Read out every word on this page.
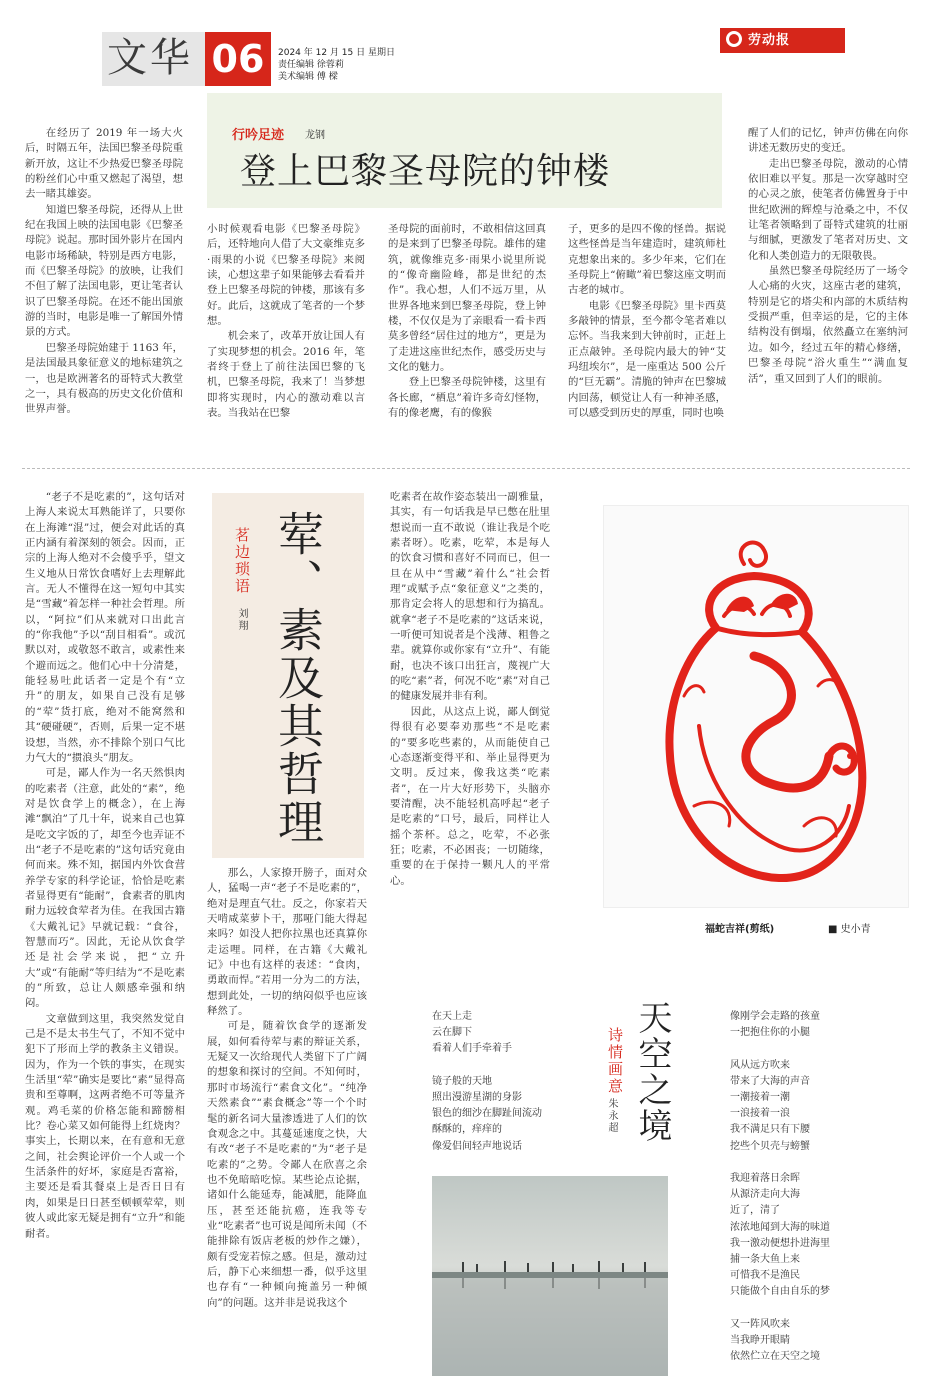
文华 06	2024 年 12 月 15 日 星期日
责任编辑 徐蓉莉
美术编辑 傅 樑
劳动报
行吟足迹 龙钢
登上巴黎圣母院的钟楼

在经历了 2019 年一场大火后，时隔五年，法国巴黎圣母院重新开放，这让不少热爱巴黎圣母院的粉丝们心中重又燃起了渴望，想去一睹其雄姿。

知道巴黎圣母院，还得从上世纪在我国上映的法国电影《巴黎圣母院》说起。那时国外影片在国内电影市场稀缺，特别是西方电影，而《巴黎圣母院》的放映，让我们不但了解了法国电影，更让笔者认识了巴黎圣母院。在还不能出国旅游的当时，电影是唯一了解国外情景的方式。

巴黎圣母院始建于 1163 年，是法国最具象征意义的地标建筑之一，也是欧洲著名的哥特式大教堂之一，具有极高的历史文化价值和世界声誉。

小时候观看电影《巴黎圣母院》后，还特地向人借了大文豪维克多·雨果的小说《巴黎圣母院》来阅读，心想这辈子如果能够去看看并登上巴黎圣母院的钟楼，那该有多好。此后，这就成了笔者的一个梦想。

机会来了，改革开放让国人有了实现梦想的机会。2016 年，笔者终于登上了前往法国巴黎的飞机，巴黎圣母院，我来了！当梦想即将实现时，内心的激动难以言表。当我站在巴黎

圣母院的面前时，不敢相信这回真的是来到了巴黎圣母院。雄伟的建筑，就像维克多·雨果小说里所说的“像奇幽险峰，都是世纪的杰作”。我心想，人们不远万里，从世界各地来到巴黎圣母院，登上钟楼，不仅仅是为了亲眼看一看卡西莫多曾经“居住过的地方”，更是为了走进这座世纪杰作，感受历史与文化的魅力。

登上巴黎圣母院钟楼，这里有各长廊，“栖息”着许多奇幻怪物，有的像老鹰，有的像猴

子，更多的是四不像的怪兽。据说这些怪兽是当年建造时，建筑师杜克想象出来的。多少年来，它们在圣母院上“俯瞰”着巴黎这座文明而古老的城市。

电影《巴黎圣母院》里卡西莫多敲钟的情景，至今都令笔者难以忘怀。当我来到大钟前时，正赶上正点敲钟。圣母院内最大的钟“艾玛纽埃尔”，是一座重达 500 公斤的“巨无霸”。清脆的钟声在巴黎城内回荡，顿觉让人有一种神圣感，可以感受到历史的厚重，同时也唤

醒了人们的记忆，钟声仿佛在向你讲述无数历史的变迁。

走出巴黎圣母院，激动的心情依旧难以平复。那是一次穿越时空的心灵之旅，使笔者仿佛置身于中世纪欧洲的辉煌与沧桑之中，不仅让笔者领略到了哥特式建筑的壮丽与细腻，更激发了笔者对历史、文化和人类创造力的无限敬畏。

虽然巴黎圣母院经历了一场令人心痛的火灾，这座古老的建筑，特别是它的塔尖和内部的木质结构受损严重，但幸运的是，它的主体结构没有倒塌，依然矗立在塞纳河边。如今，经过五年的精心修缮，巴黎圣母院“浴火重生”“满血复活”，重又回到了人们的眼前。

茗边琐语
刘翔 荤、素及其哲理

“老子不是吃素的”，这句话对上海人来说太耳熟能详了，只要你在上海滩“混”过，便会对此话的真正内涵有着深刻的领会。因而，正宗的上海人绝对不会傻乎乎，望文生义地从日常饮食嗜好上去理解此言。无人不懂得在这一短句中其实是“雪藏”着怎样一种社会哲理。所以，“阿拉”们从来就对口出此言的“你我他”予以“刮目相看”。或沉默以对，或敬怒不敢言，或素性来个避而远之。他们心中十分清楚，能轻易吐此话者一定是个有“立升”的朋友，如果自己没有足够的“荤”货打底，绝对不能窝然和其“硬碰硬”，否则，后果一定不堪设想，当然，亦不排除个别口气比力气大的“掼浪头”朋友。

可是，鄙人作为一名天然惧肉的吃素者（注意，此处的“素”，绝对是饮食学上的概念），在上海滩“飘泊”了几十年，说来自己也算是吃文字饭的了，却至今也弄证不出“老子不是吃素的”这句话究竟由何而来。殊不知，据国内外饮食营养学专家的科学论证，恰恰是吃素者显得更有“能耐”，食素者的肌肉耐力远较食荤者为佳。在我国古籍《大戴礼记》早就记载：“食谷，智慧而巧”。因此，无论从饮食学还是社会学来说，把“立升大”或“有能耐”等归结为“不是吃素的”所致，总让人颇感牵强和纳闷。

文章做到这里，我突然发觉自己是不是太书生气了，不知不觉中犯下了形而上学的教条主义错误。因为，作为一个铁的事实，在现实生活里“荤”确实是要比“素”显得高贵和至尊啊，这两者绝不可等量齐观。鸡毛菜的价格怎能和蹄髈相比？卷心菜又如何能得上红烧肉？事实上，长期以来，在有意和无意之间，社会舆论评价一个人或一个生活条件的好坏，家庭是否富裕，主要还是看其餐桌上是否日日有肉，如果是日日甚至顿顿荤荤，则彼人或此家无疑是拥有“立升”和能耐者。

那么，人家撩开膀子，面对众人，猛喝一声“老子不是吃素的”，绝对是理直气壮。反之，你家若天天啃咸菜萝卜干，那哑门能大得起来吗？如没人把你拉黑也还真算你走运哩。同样，在古籍《大戴礼记》中也有这样的表述：“食肉，勇敢而悍。”若用一分为二的方法，想到此处，一切的纳闷似乎也应该释然了。

可是，随着饮食学的逐渐发展，如何看待荤与素的辩证关系，无疑又一次给现代人类留下了广阔的想象和探讨的空间。不知何时，那时市场流行“素食文化”。“纯净天然素食”“素食概念”等一个个时髦的新名词大量渗透进了人们的饮食观念之中。其蔓延速度之快，大有改“老子不是吃素的”为“老子是吃素的”之势。令鄙人在欣喜之余也不免暗暗吃惊。某些论点论据，诸如什么能延寿，能减肥，能降血压，甚至还能抗癌，连我等专业“吃素者”也可说是闻所未闻（不能排除有饭店老板的炒作之嫌），颇有受宠若惊之感。但是，激动过后，静下心来细想一番，似乎这里也存有“一种倾向掩盖另一种倾向”的问题。这并非是说我这个

吃素者在故作姿态装出一副雅量，其实，有一句话我是早已憋在肚里想说而一直不敢说（谁让我是个吃素者呀）。吃素，吃荤，本是每人的饮食习惯和喜好不同而已，但一旦在从中“雪藏”着什么“社会哲理”或赋予点“象征意义”之类的，那肯定会将人的思想和行为搞乱。就拿“老子不是吃素的”这话来说，一听便可知说者是个浅薄、粗鲁之辈。就算你或你家有“立升”、有能耐，也决不该口出狂言，蔑视广大的吃“素”者，何况不吃“素”对自己的健康发展并非有利。

因此，从这点上说，鄙人倒觉得很有必要奉劝那些“不是吃素的”要多吃些素的，从而能使自己心态逐渐变得平和、举止显得更为文明。反过来，像我这类“吃素者”，在一片大好形势下，头脑亦要清醒，决不能轻机高呼起“老子是吃素的”口号，最后，同样让人摇个茶杯。总之，吃荤，不必张狂；吃素，不必困丧；一切随缘，重要的在于保持一颗凡人的平常心。

福蛇吉祥(剪纸)	■ 史小青
诗情画意
朱永超 天空之境
在天上走
云在脚下
看着人们手牵着手
镜子般的天地
照出漫游星湖的身影
银色的细沙在脚趾间流动
酥酥的，痒痒的
像爱侣间轻声地说话
像刚学会走路的孩童
一把抱住你的小腿
风从远方吹来
带来了大海的声音
一潮接着一潮
一浪接着一浪
我不满足只有下腰
挖些个贝壳与螃蟹
我迎着落日余晖
从源济走向大海
近了，清了
浓浓地闻到大海的味道
我一激动便想扑进海里
捕一条大鱼上来
可惜我不是渔民
只能做个自由自乐的梦
又一阵风吹来
当我睁开眼睛
依然伫立在天空之境
